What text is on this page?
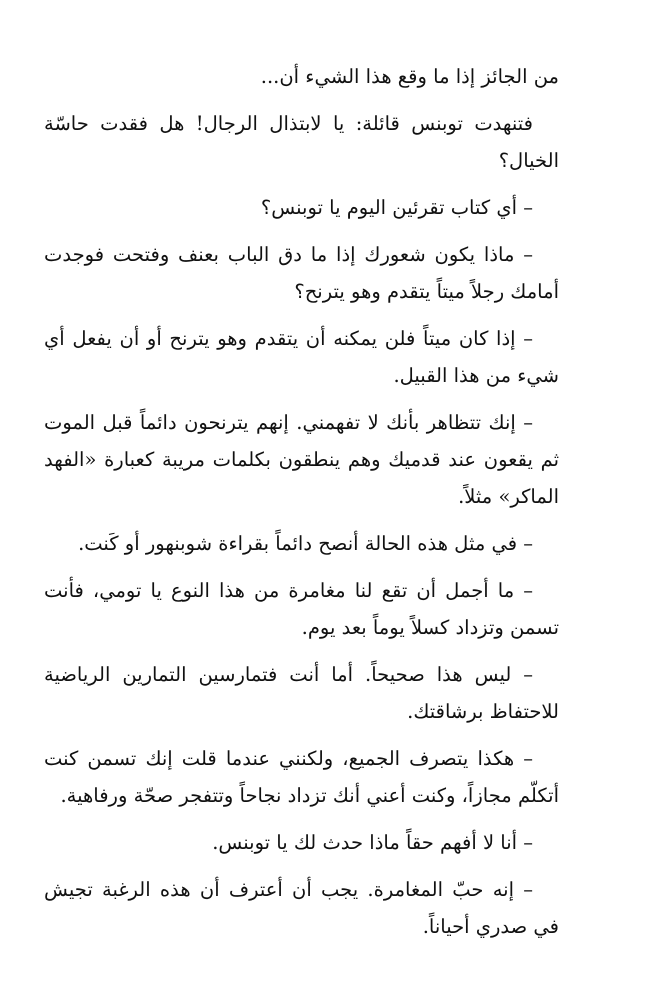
من الجائز إذا ما وقع هذا الشيء أن...

فتنهدت توبنس قائلة: يا لابتذال الرجال! هل فقدت حاسّة الخيال؟

– أي كتاب تقرئين اليوم يا توبنس؟

– ماذا يكون شعورك إذا ما دق الباب بعنف وفتحت فوجدت أمامك رجلاً ميتاً يتقدم وهو يترنح؟

– إذا كان ميتاً فلن يمكنه أن يتقدم وهو يترنح أو أن يفعل أي شيء من هذا القبيل.

– إنك تتظاهر بأنك لا تفهمني. إنهم يترنحون دائماً قبل الموت ثم يقعون عند قدميك وهم ينطقون بكلمات مريبة كعبارة «الفهد الماكر» مثلاً.

– في مثل هذه الحالة أنصح دائماً بقراءة شوبنهور أو كَنت.

– ما أجمل أن تقع لنا مغامرة من هذا النوع يا تومي، فأنت تسمن وتزداد كسلاً يوماً بعد يوم.

– ليس هذا صحيحاً. أما أنت فتمارسين التمارين الرياضية للاحتفاظ برشاقتك.

– هكذا يتصرف الجميع، ولكنني عندما قلت إنك تسمن كنت أتكلّم مجازاً، وكنت أعني أنك تزداد نجاحاً وتتفجر صحّة ورفاهية.

– أنا لا أفهم حقاً ماذا حدث لك يا توبنس.

– إنه حبّ المغامرة. يجب أن أعترف أن هذه الرغبة تجيش في صدري أحياناً.
